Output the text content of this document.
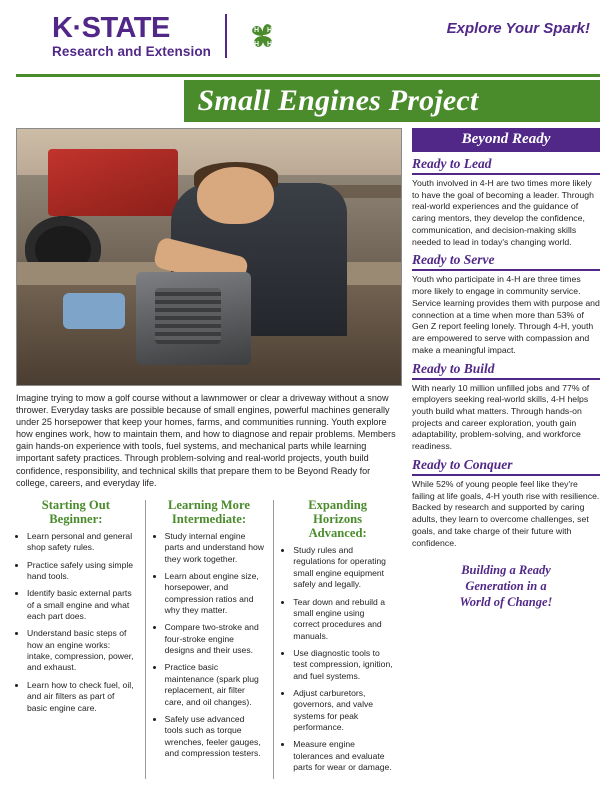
K·STATE
Research and Extension
H H
H H
Explore Your Spark!
Small Engines Project

Imagine trying to mow a golf course without a lawnmower or clear a driveway without a snow thrower. Everyday tasks are possible because of small engines, powerful machines generally under 25 horsepower that keep your homes, farms, and communities running. Youth explore how engines work, how to maintain them, and how to diagnose and repair problems. Members gain hands-on experience with tools, fuel systems, and mechanical parts while learning important safety practices. Through problem-solving and real-world projects, youth build confidence, responsibility, and technical skills that prepare them to be Beyond Ready for college, careers, and everyday life.

Starting Out
Beginner:
• Learn personal and general shop safety rules.
• Practice safely using simple hand tools.
• Identify basic external parts of a small engine and what each part does.
• Understand basic steps of how an engine works: intake, compression, power, and exhaust.
• Learn how to check fuel, oil, and air filters as part of basic engine care.
Learning More
Intermediate:
• Study internal engine parts and understand how they work together.
• Learn about engine size, horsepower, and compression ratios and why they matter.
• Compare two-stroke and four-stroke engine designs and their uses.
• Practice basic maintenance (spark plug replacement, air filter care, and oil changes).
• Safely use advanced tools such as torque wrenches, feeler gauges, and compression testers.
Expanding Horizons
Advanced:
• Study rules and regulations for operating small engine equipment safely and legally.
• Tear down and rebuild a small engine using correct procedures and manuals.
• Use diagnostic tools to test compression, ignition, and fuel systems.
• Adjust carburetors, governors, and valve systems for peak performance.
• Measure engine tolerances and evaluate parts for wear or damage.
Beyond Ready
Ready to Lead

Youth involved in 4-H are two times more likely to have the goal of becoming a leader. Through real-world experiences and the guidance of caring mentors, they develop the confidence, communication, and decision-making skills needed to lead in today's changing world.

Ready to Serve

Youth who participate in 4-H are three times more likely to engage in community service. Service learning provides them with purpose and connection at a time when more than 53% of Gen Z report feeling lonely. Through 4-H, youth are empowered to serve with compassion and make a meaningful impact.

Ready to Build

With nearly 10 million unfilled jobs and 77% of employers seeking real-world skills, 4-H helps youth build what matters. Through hands-on projects and career exploration, youth gain adaptability, problem-solving, and workforce readiness.

Ready to Conquer

While 52% of young people feel like they're failing at life goals, 4-H youth rise with resilience. Backed by research and supported by caring adults, they learn to overcome challenges, set goals, and take charge of their future with confidence.

Building a Ready
Generation in a
World of Change!
